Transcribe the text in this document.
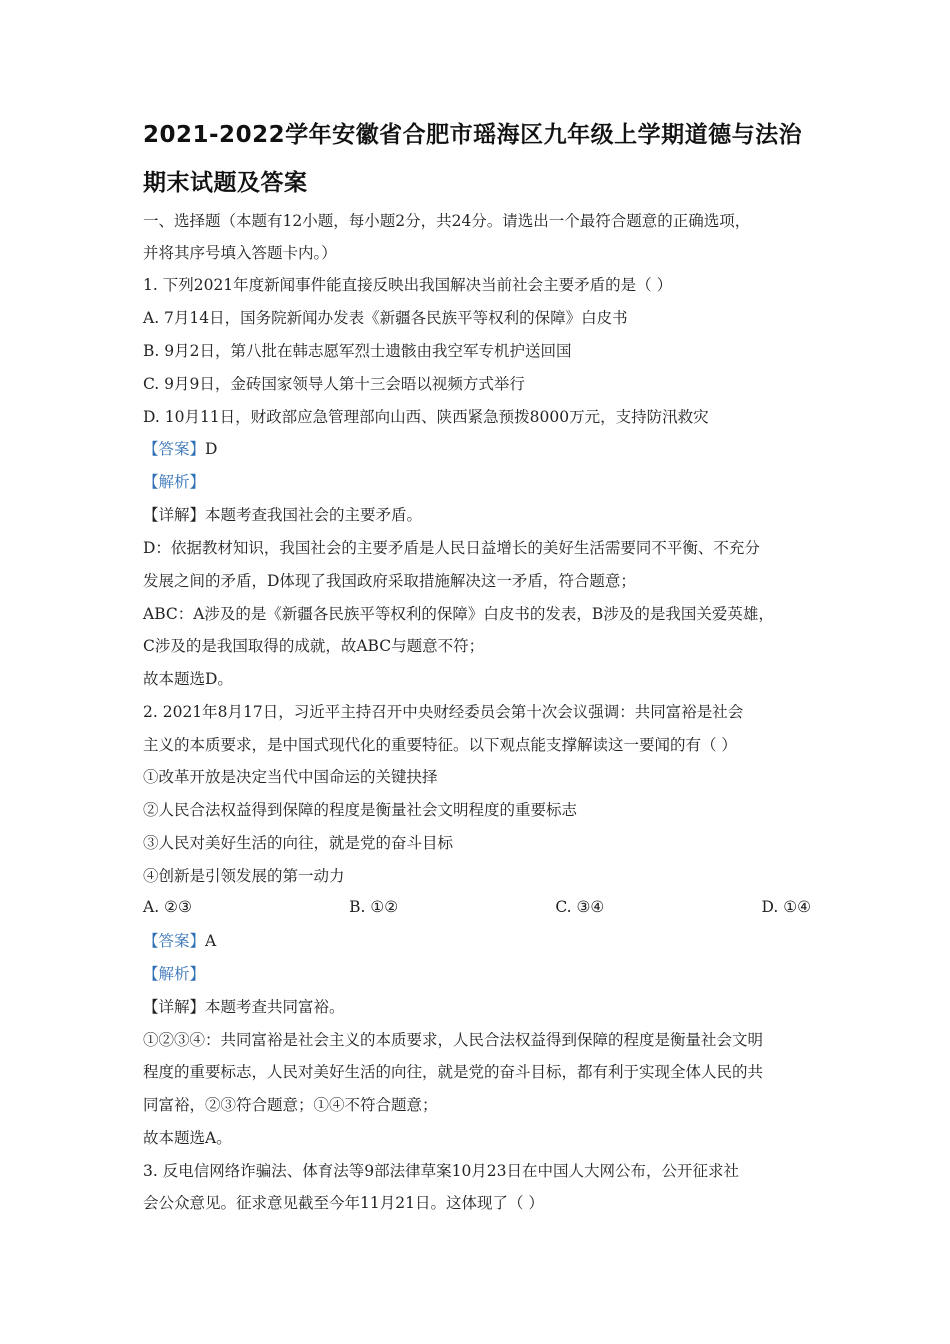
2021-2022学年安徽省合肥市瑶海区九年级上学期道德与法治
期末试题及答案
一、选择题（本题有12小题，每小题2分，共24分。请选出一个最符合题意的正确选项，
并将其序号填入答题卡内。）
1. 下列2021年度新闻事件能直接反映出我国解决当前社会主要矛盾的是（ ）
A. 7月14日，国务院新闻办发表《新疆各民族平等权利的保障》白皮书
B. 9月2日，第八批在韩志愿军烈士遗骸由我空军专机护送回国
C. 9月9日，金砖国家领导人第十三会晤以视频方式举行
D. 10月11日，财政部应急管理部向山西、陕西紧急预拨8000万元，支持防汛救灾
【答案】D
【解析】
【详解】本题考查我国社会的主要矛盾。
D：依据教材知识，我国社会的主要矛盾是人民日益增长的美好生活需要同不平衡、不充分
发展之间的矛盾，D体现了我国政府采取措施解决这一矛盾，符合题意；
ABC：A涉及的是《新疆各民族平等权利的保障》白皮书的发表，B涉及的是我国关爱英雄，
C涉及的是我国取得的成就，故ABC与题意不符；
故本题选D。
2. 2021年8月17日，习近平主持召开中央财经委员会第十次会议强调：共同富裕是社会
主义的本质要求，是中国式现代化的重要特征。以下观点能支撑解读这一要闻的有（ ）
①改革开放是决定当代中国命运的关键抉择
②人民合法权益得到保障的程度是衡量社会文明程度的重要标志
③人民对美好生活的向往，就是党的奋斗目标
④创新是引领发展的第一动力
A. ②③	B. ①②	C. ③④	D. ①④
【答案】A
【解析】
【详解】本题考查共同富裕。
①②③④：共同富裕是社会主义的本质要求，人民合法权益得到保障的程度是衡量社会文明
程度的重要标志，人民对美好生活的向往，就是党的奋斗目标，都有利于实现全体人民的共
同富裕，②③符合题意；①④不符合题意；
故本题选A。
3. 反电信网络诈骗法、体育法等9部法律草案10月23日在中国人大网公布，公开征求社
会公众意见。征求意见截至今年11月21日。这体现了（ ）
